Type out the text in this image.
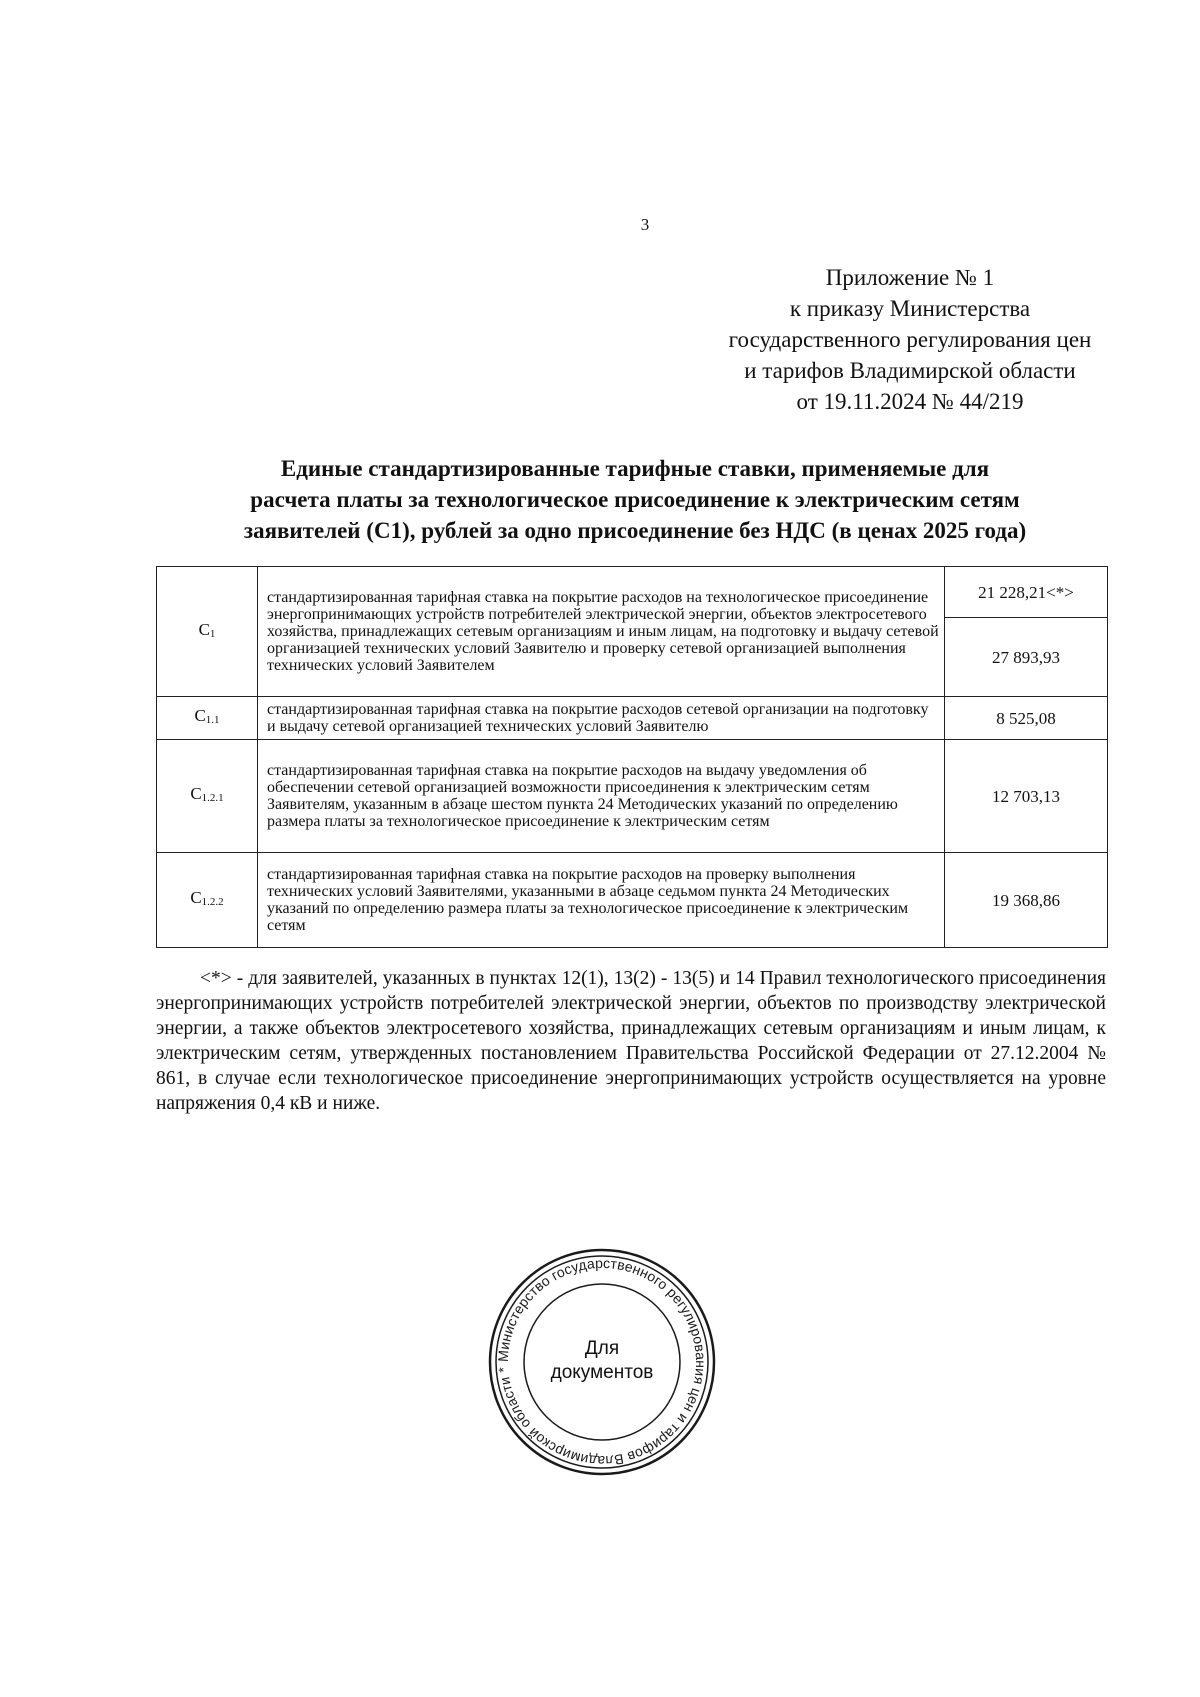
3
Приложение № 1
к приказу Министерства
государственного регулирования цен
и тарифов Владимирской области
от 19.11.2024 № 44/219
Единые стандартизированные тарифные ставки, применяемые для
расчета платы за технологическое присоединение к электрическим сетям
заявителей (С1), рублей за одно присоединение без НДС (в ценах 2025 года)
$C_1$	стандартизированная тарифная ставка на покрытие расходов на технологическое присоединение энергопринимающих устройств потребителей электрической энергии, объектов электросетевого хозяйства, принадлежащих сетевым организациям и иным лицам, на подготовку и выдачу сетевой организацией технических условий Заявителю и проверку сетевой организацией выполнения технических условий Заявителем	21 228,21<*>
		27 893,93
$C_{1.1}$	стандартизированная тарифная ставка на покрытие расходов сетевой организации на подготовку и выдачу сетевой организацией технических условий Заявителю	8 525,08
$C_{1.2.1}$	стандартизированная тарифная ставка на покрытие расходов на выдачу уведомления об обеспечении сетевой организацией возможности присоединения к электрическим сетям Заявителям, указанным в абзаце шестом пункта 24 Методических указаний по определению размера платы за технологическое присоединение к электрическим сетям	12 703,13
$C_{1.2.2}$	стандартизированная тарифная ставка на покрытие расходов на проверку выполнения технических условий Заявителями, указанными в абзаце седьмом пункта 24 Методических указаний по определению размера платы за технологическое присоединение к электрическим сетям	19 368,86
<*> - для заявителей, указанных в пунктах 12(1), 13(2) - 13(5) и 14 Правил технологического присоединения энергопринимающих устройств потребителей электрической энергии, объектов по производству электрической энергии, а также объектов электросетевого хозяйства, принадлежащих сетевым организациям и иным лицам, к электрическим сетям, утвержденных постановлением Правительства Российской Федерации от 27.12.2004 № 861, в случае если технологическое присоединение энергопринимающих устройств осуществляется на уровне напряжения 0,4 кВ и ниже.
Министерство государственного регулирования цен и тарифов Владимирской области *
Для
документов
